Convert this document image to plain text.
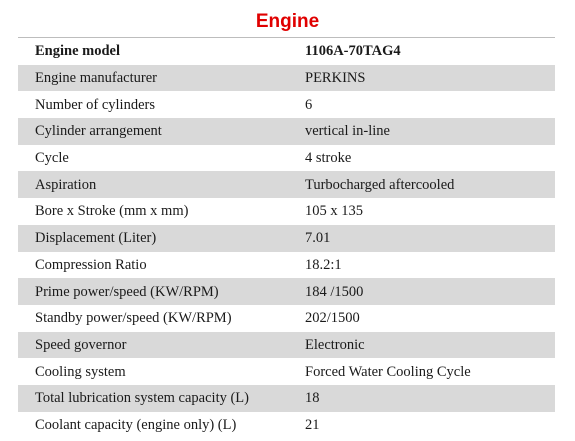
Engine
Engine model	1106A-70TAG4
Engine manufacturer	PERKINS
Number of cylinders	6
Cylinder arrangement	vertical in-line
Cycle	4 stroke
Aspiration	Turbocharged aftercooled
Bore x Stroke (mm x mm)	105 x 135
Displacement (Liter)	7.01
Compression Ratio	18.2:1
Prime power/speed (KW/RPM)	184 /1500
Standby power/speed (KW/RPM)	202/1500
Speed governor	Electronic
Cooling system	Forced Water Cooling Cycle
Total lubrication system capacity (L)	18
Coolant capacity (engine only) (L)	21
